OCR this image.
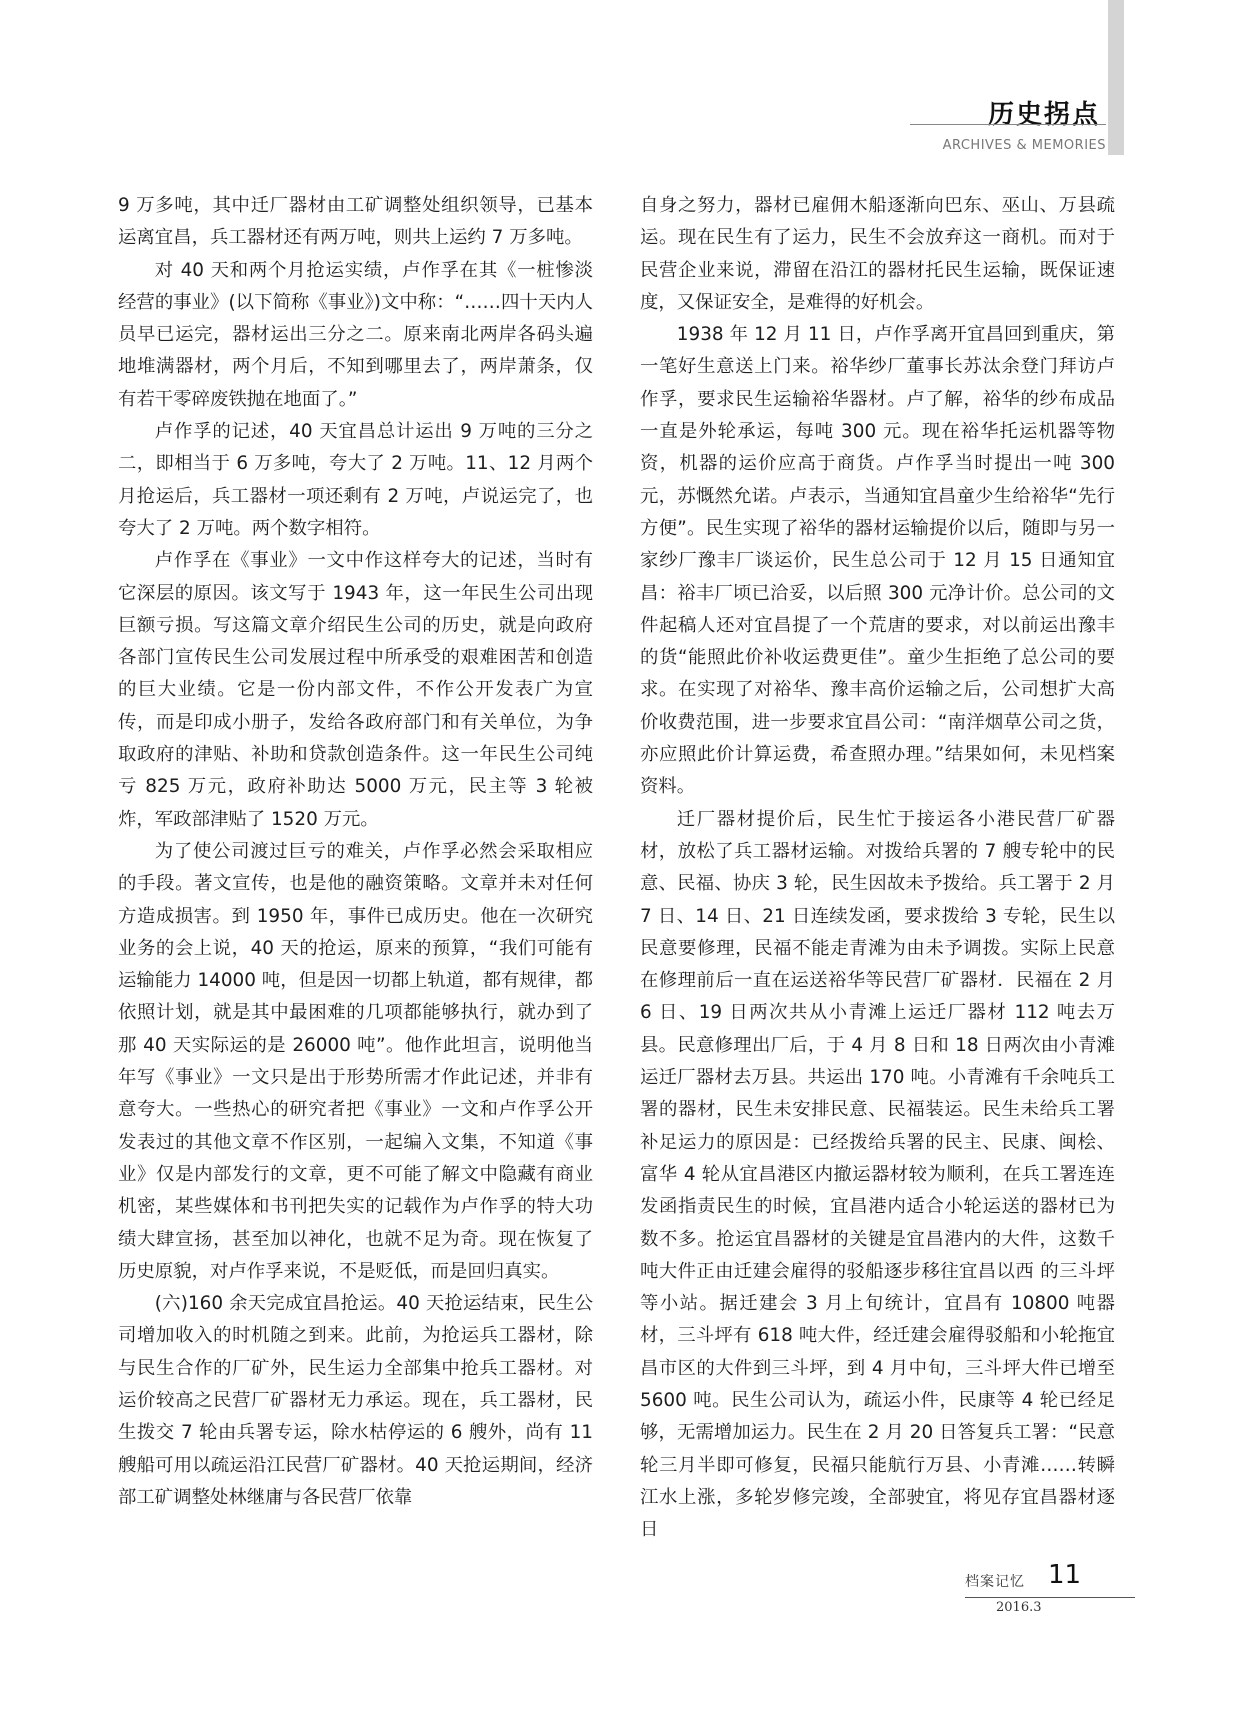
历史拐点
ARCHIVES & MEMORIES

9 万多吨，其中迁厂器材由工矿调整处组织领导，已基本运离宜昌，兵工器材还有两万吨，则共上运约 7 万多吨。

对 40 天和两个月抢运实绩，卢作孚在其《一桩惨淡经营的事业》(以下简称《事业》)文中称：“……四十天内人员早已运完，器材运出三分之二。原来南北两岸各码头遍地堆满器材，两个月后，不知到哪里去了，两岸萧条，仅有若干零碎废铁抛在地面了。”

卢作孚的记述，40 天宜昌总计运出 9 万吨的三分之二，即相当于 6 万多吨，夸大了 2 万吨。11、12 月两个月抢运后，兵工器材一项还剩有 2 万吨，卢说运完了，也夸大了 2 万吨。两个数字相符。

卢作孚在《事业》一文中作这样夸大的记述，当时有它深层的原因。该文写于 1943 年，这一年民生公司出现巨额亏损。写这篇文章介绍民生公司的历史，就是向政府各部门宣传民生公司发展过程中所承受的艰难困苦和创造的巨大业绩。它是一份内部文件，不作公开发表广为宣传，而是印成小册子，发给各政府部门和有关单位，为争取政府的津贴、补助和贷款创造条件。这一年民生公司纯亏 825 万元，政府补助达 5000 万元，民主等 3 轮被炸，军政部津贴了 1520 万元。

为了使公司渡过巨亏的难关，卢作孚必然会采取相应的手段。著文宣传，也是他的融资策略。文章并未对任何方造成损害。到 1950 年，事件已成历史。他在一次研究业务的会上说，40 天的抢运，原来的预算，“我们可能有运输能力 14000 吨，但是因一切都上轨道，都有规律，都依照计划，就是其中最困难的几项都能够执行，就办到了那 40 天实际运的是 26000 吨”。他作此坦言，说明他当年写《事业》一文只是出于形势所需才作此记述，并非有意夸大。一些热心的研究者把《事业》一文和卢作孚公开发表过的其他文章不作区别，一起编入文集，不知道《事业》仅是内部发行的文章，更不可能了解文中隐藏有商业机密，某些媒体和书刊把失实的记载作为卢作孚的特大功绩大肆宣扬，甚至加以神化，也就不足为奇。现在恢复了历史原貌，对卢作孚来说，不是贬低，而是回归真实。

(六)160 余天完成宜昌抢运。40 天抢运结束，民生公司增加收入的时机随之到来。此前，为抢运兵工器材，除与民生合作的厂矿外，民生运力全部集中抢兵工器材。对运价较高之民营厂矿器材无力承运。现在，兵工器材，民生拨交 7 轮由兵署专运，除水枯停运的 6 艘外，尚有 11 艘船可用以疏运沿江民营厂矿器材。40 天抢运期间，经济部工矿调整处林继庸与各民营厂依靠

自身之努力，器材已雇佣木船逐渐向巴东、巫山、万县疏运。现在民生有了运力，民生不会放弃这一商机。而对于民营企业来说，滞留在沿江的器材托民生运输，既保证速度，又保证安全，是难得的好机会。

1938 年 12 月 11 日，卢作孚离开宜昌回到重庆，第一笔好生意送上门来。裕华纱厂董事长苏汰余登门拜访卢作孚，要求民生运输裕华器材。卢了解，裕华的纱布成品一直是外轮承运，每吨 300 元。现在裕华托运机器等物资，机器的运价应高于商货。卢作孚当时提出一吨 300 元，苏慨然允诺。卢表示，当通知宜昌童少生给裕华“先行方便”。民生实现了裕华的器材运输提价以后，随即与另一家纱厂豫丰厂谈运价，民生总公司于 12 月 15 日通知宜昌：裕丰厂顷已洽妥，以后照 300 元净计价。总公司的文件起稿人还对宜昌提了一个荒唐的要求，对以前运出豫丰的货“能照此价补收运费更佳”。童少生拒绝了总公司的要求。在实现了对裕华、豫丰高价运输之后，公司想扩大高价收费范围，进一步要求宜昌公司：“南洋烟草公司之货，亦应照此价计算运费，希查照办理。”结果如何，未见档案资料。

迁厂器材提价后，民生忙于接运各小港民营厂矿器材，放松了兵工器材运输。对拨给兵署的 7 艘专轮中的民意、民福、协庆 3 轮，民生因故未予拨给。兵工署于 2 月 7 日、14 日、21 日连续发函，要求拨给 3 专轮，民生以民意要修理，民福不能走青滩为由未予调拨。实际上民意在修理前后一直在运送裕华等民营厂矿器材．民福在 2 月 6 日、19 日两次共从小青滩上运迁厂器材 112 吨去万县。民意修理出厂后，于 4 月 8 日和 18 日两次由小青滩运迁厂器材去万县。共运出 170 吨。小青滩有千余吨兵工署的器材，民生未安排民意、民福装运。民生未给兵工署补足运力的原因是：已经拨给兵署的民主、民康、闽桧、富华 4 轮从宜昌港区内撤运器材较为顺利，在兵工署连连发函指责民生的时候，宜昌港内适合小轮运送的器材已为数不多。抢运宜昌器材的关键是宜昌港内的大件，这数千吨大件正由迁建会雇得的驳船逐步移往宜昌以西 的三斗坪等小站。据迁建会 3 月上旬统计，宜昌有 10800 吨器材，三斗坪有 618 吨大件，经迁建会雇得驳船和小轮拖宜昌市区的大件到三斗坪，到 4 月中旬，三斗坪大件已增至 5600 吨。民生公司认为，疏运小件，民康等 4 轮已经足够，无需增加运力。民生在 2 月 20 日答复兵工署：“民意轮三月半即可修复，民福只能航行万县、小青滩……转瞬江水上涨，多轮岁修完竣，全部驶宜，将见存宜昌器材逐日

档案记忆 11
2016.3
